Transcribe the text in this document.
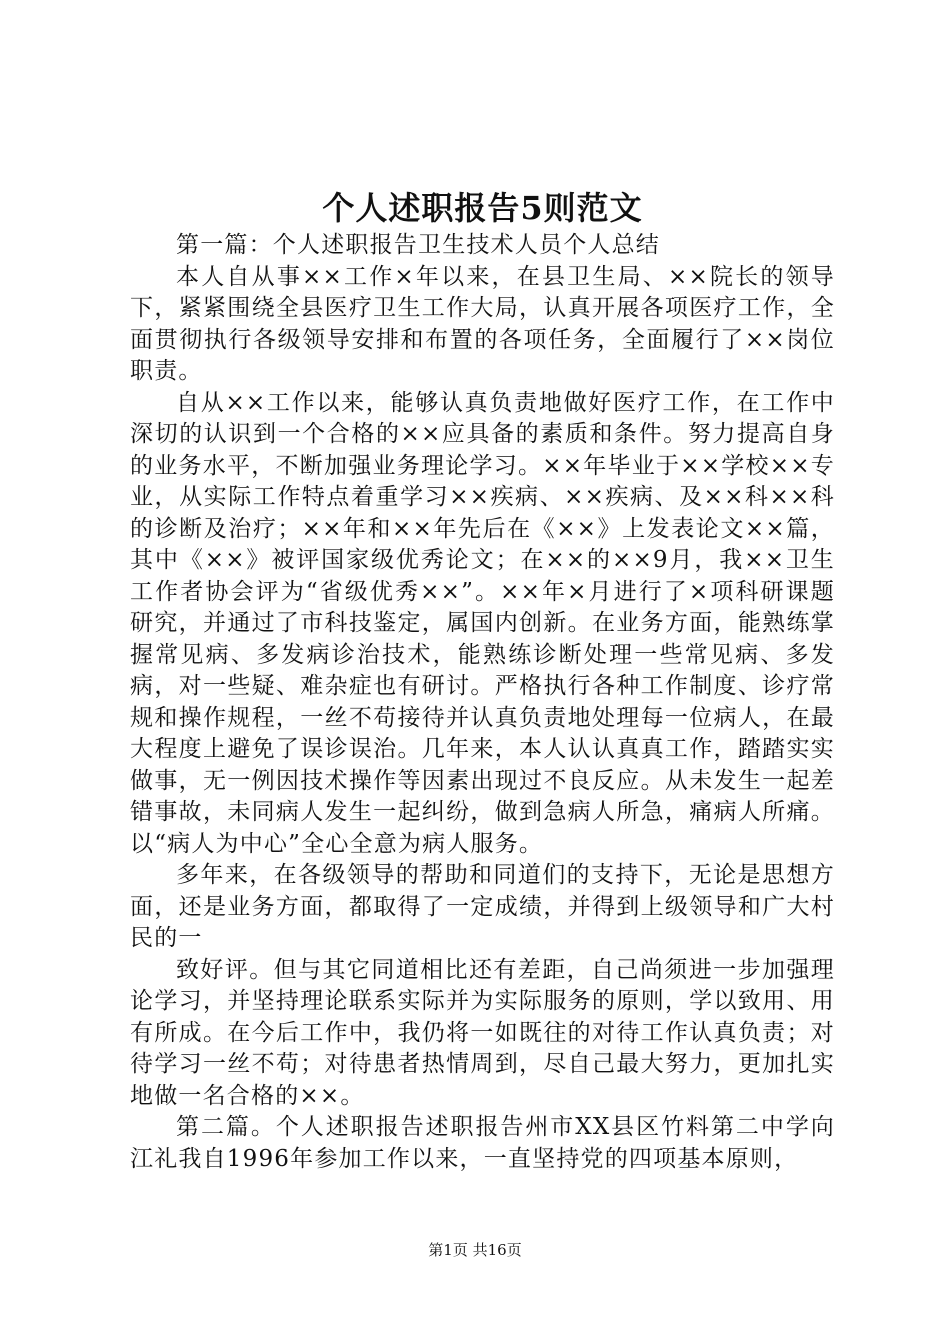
个人述职报告5则范文

第一篇：个人述职报告卫生技术人员个人总结

本人自从事××工作×年以来，在县卫生局、××院长的领导下，紧紧围绕全县医疗卫生工作大局，认真开展各项医疗工作，全面贯彻执行各级领导安排和布置的各项任务，全面履行了××岗位职责。

自从××工作以来，能够认真负责地做好医疗工作，在工作中深切的认识到一个合格的××应具备的素质和条件。努力提高自身的业务水平，不断加强业务理论学习。××年毕业于××学校××专业，从实际工作特点着重学习××疾病、××疾病、及××科××科的诊断及治疗；××年和××年先后在《××》上发表论文××篇，其中《××》被评国家级优秀论文；在××的××9月，我××卫生工作者协会评为“省级优秀××”。××年×月进行了×项科研课题研究，并通过了市科技鉴定，属国内创新。在业务方面，能熟练掌握常见病、多发病诊治技术，能熟练诊断处理一些常见病、多发病，对一些疑、难杂症也有研讨。严格执行各种工作制度、诊疗常规和操作规程，一丝不苟接待并认真负责地处理每一位病人，在最大程度上避免了误诊误治。几年来，本人认认真真工作，踏踏实实做事，无一例因技术操作等因素出现过不良反应。从未发生一起差错事故，未同病人发生一起纠纷，做到急病人所急，痛病人所痛。以“病人为中心”全心全意为病人服务。

多年来，在各级领导的帮助和同道们的支持下，无论是思想方面，还是业务方面，都取得了一定成绩，并得到上级领导和广大村民的一

致好评。但与其它同道相比还有差距，自己尚须进一步加强理论学习，并坚持理论联系实际并为实际服务的原则，学以致用、用有所成。在今后工作中，我仍将一如既往的对待工作认真负责；对待学习一丝不苟；对待患者热情周到，尽自己最大努力，更加扎实地做一名合格的××。

第二篇。个人述职报告述职报告州市XX县区竹料第二中学向江礼我自1996年参加工作以来，一直坚持党的四项基本原则，

第1页 共16页
